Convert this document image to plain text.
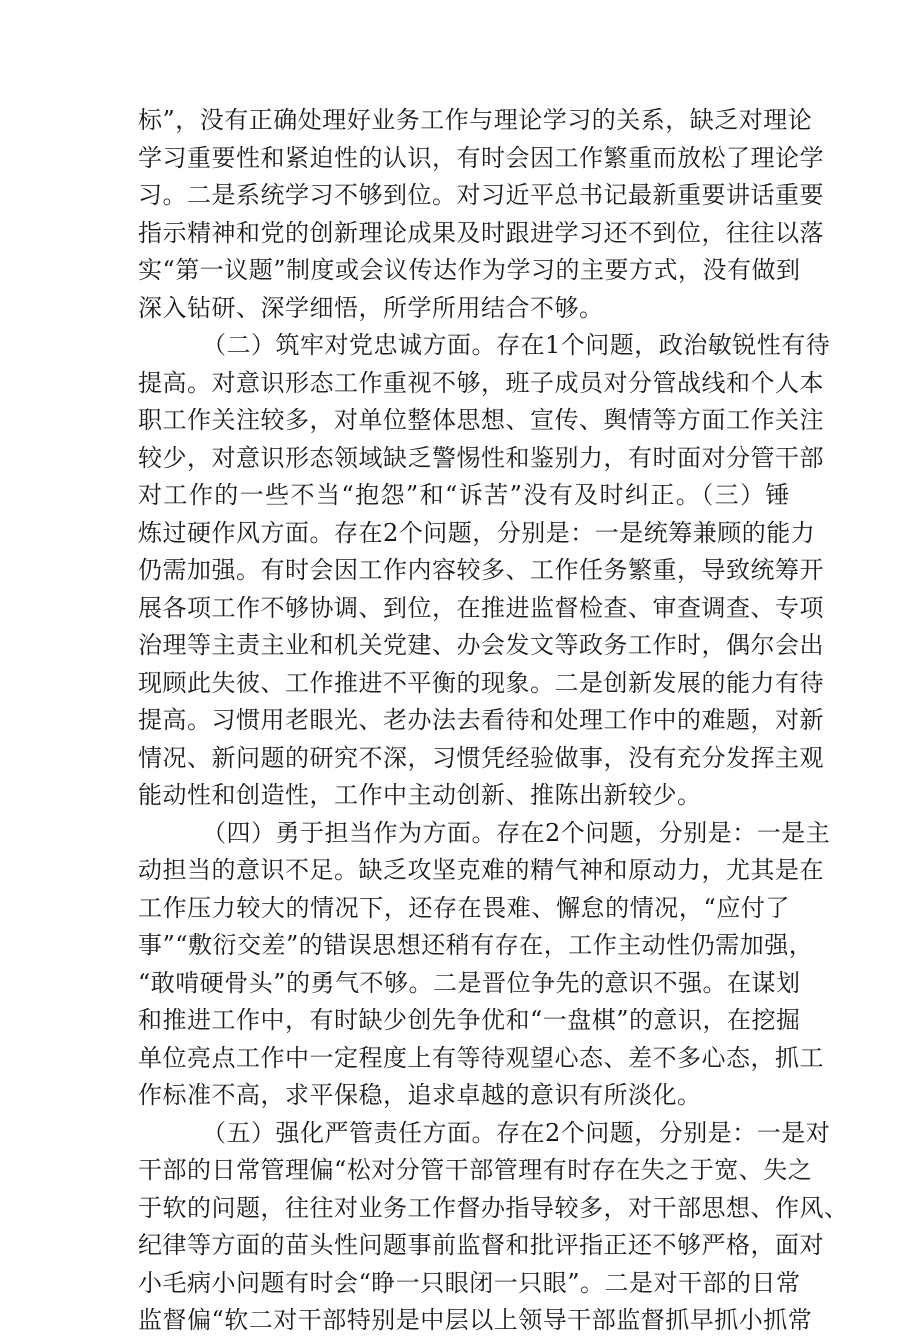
标”，没有正确处理好业务工作与理论学习的关系，缺乏对理论
学习重要性和紧迫性的认识，有时会因工作繁重而放松了理论学
习。二是系统学习不够到位。对习近平总书记最新重要讲话重要
指示精神和党的创新理论成果及时跟进学习还不到位，往往以落
实“第一议题”制度或会议传达作为学习的主要方式，没有做到
深入钻研、深学细悟，所学所用结合不够。
（二）筑牢对党忠诚方面。存在1个问题，政治敏锐性有待
提高。对意识形态工作重视不够，班子成员对分管战线和个人本
职工作关注较多，对单位整体思想、宣传、舆情等方面工作关注
较少，对意识形态领域缺乏警惕性和鉴别力，有时面对分管干部
对工作的一些不当“抱怨”和“诉苦”没有及时纠正。（三）锤
炼过硬作风方面。存在2个问题，分别是：一是统筹兼顾的能力
仍需加强。有时会因工作内容较多、工作任务繁重，导致统筹开
展各项工作不够协调、到位，在推进监督检查、审查调查、专项
治理等主责主业和机关党建、办会发文等政务工作时，偶尔会出
现顾此失彼、工作推进不平衡的现象。二是创新发展的能力有待
提高。习惯用老眼光、老办法去看待和处理工作中的难题，对新
情况、新问题的研究不深，习惯凭经验做事，没有充分发挥主观
能动性和创造性，工作中主动创新、推陈出新较少。
（四）勇于担当作为方面。存在2个问题，分别是：一是主
动担当的意识不足。缺乏攻坚克难的精气神和原动力，尤其是在
工作压力较大的情况下，还存在畏难、懈怠的情况，“应付了
事”“敷衍交差”的错误思想还稍有存在，工作主动性仍需加强，
“敢啃硬骨头”的勇气不够。二是晋位争先的意识不强。在谋划
和推进工作中，有时缺少创先争优和“一盘棋”的意识，在挖掘
单位亮点工作中一定程度上有等待观望心态、差不多心态，抓工
作标准不高，求平保稳，追求卓越的意识有所淡化。
（五）强化严管责任方面。存在2个问题，分别是：一是对
干部的日常管理偏“松对分管干部管理有时存在失之于宽、失之
于软的问题，往往对业务工作督办指导较多，对干部思想、作风、
纪律等方面的苗头性问题事前监督和批评指正还不够严格，面对
小毛病小问题有时会“睁一只眼闭一只眼”。二是对干部的日常
监督偏“软二对干部特别是中层以上领导干部监督抓早抓小抓常
